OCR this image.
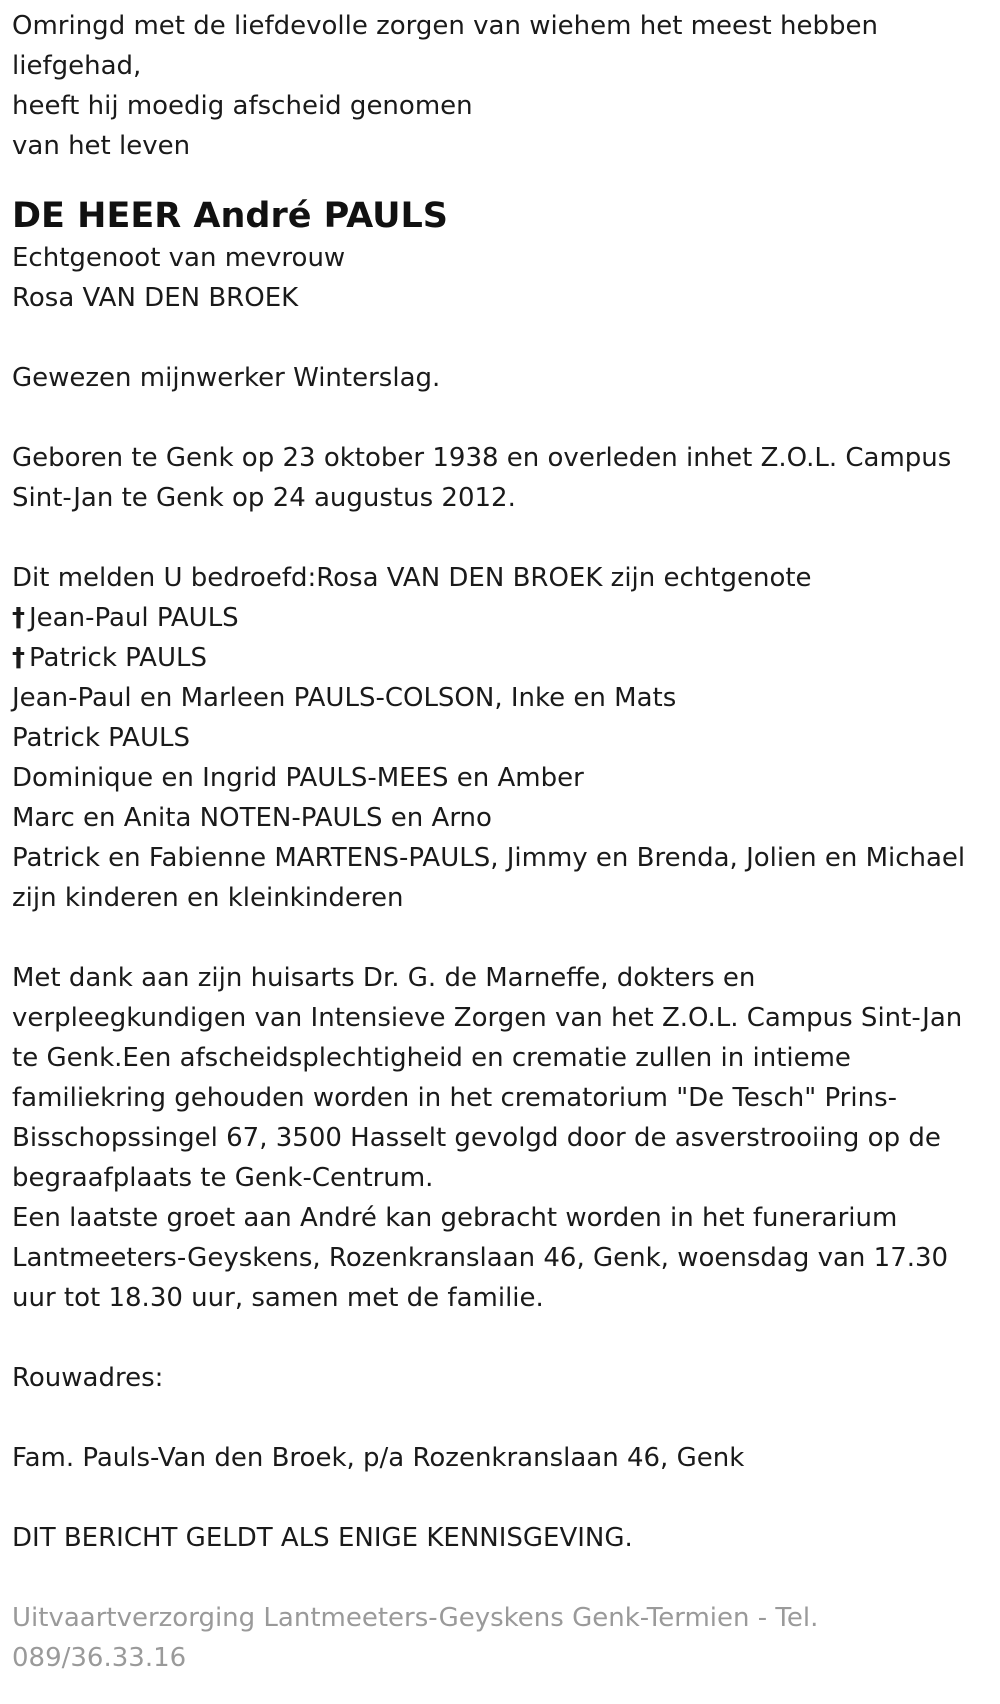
Omringd met de liefdevolle zorgen van wiehem het meest hebben
liefgehad,
heeft hij moedig afscheid genomen
van het leven

DE HEER André PAULS

Echtgenoot van mevrouw
Rosa VAN DEN BROEK

Gewezen mijnwerker Winterslag.

Geboren te Genk op 23 oktober 1938 en overleden inhet Z.O.L. Campus
Sint-Jan te Genk op 24 augustus 2012.

Dit melden U bedroefd:Rosa VAN DEN BROEK zijn echtgenote
† Jean-Paul PAULS
† Patrick PAULS
Jean-Paul en Marleen PAULS-COLSON, Inke en Mats
Patrick PAULS
Dominique en Ingrid PAULS-MEES en Amber
Marc en Anita NOTEN-PAULS en Arno
Patrick en Fabienne MARTENS-PAULS, Jimmy en Brenda, Jolien en Michael
zijn kinderen en kleinkinderen

Met dank aan zijn huisarts Dr. G. de Marneffe, dokters en
verpleegkundigen van Intensieve Zorgen van het Z.O.L. Campus Sint-Jan
te Genk.Een afscheidsplechtigheid en crematie zullen in intieme
familiekring gehouden worden in het crematorium "De Tesch" Prins-
Bisschopssingel 67, 3500 Hasselt gevolgd door de asverstrooiing op de
begraafplaats te Genk-Centrum.
Een laatste groet aan André kan gebracht worden in het funerarium
Lantmeeters-Geyskens, Rozenkranslaan 46, Genk, woensdag van 17.30
uur tot 18.30 uur, samen met de familie.

Rouwadres:

Fam. Pauls-Van den Broek, p/a Rozenkranslaan 46, Genk

DIT BERICHT GELDT ALS ENIGE KENNISGEVING.

Uitvaartverzorging Lantmeeters-Geyskens Genk-Termien - Tel.
089/36.33.16
